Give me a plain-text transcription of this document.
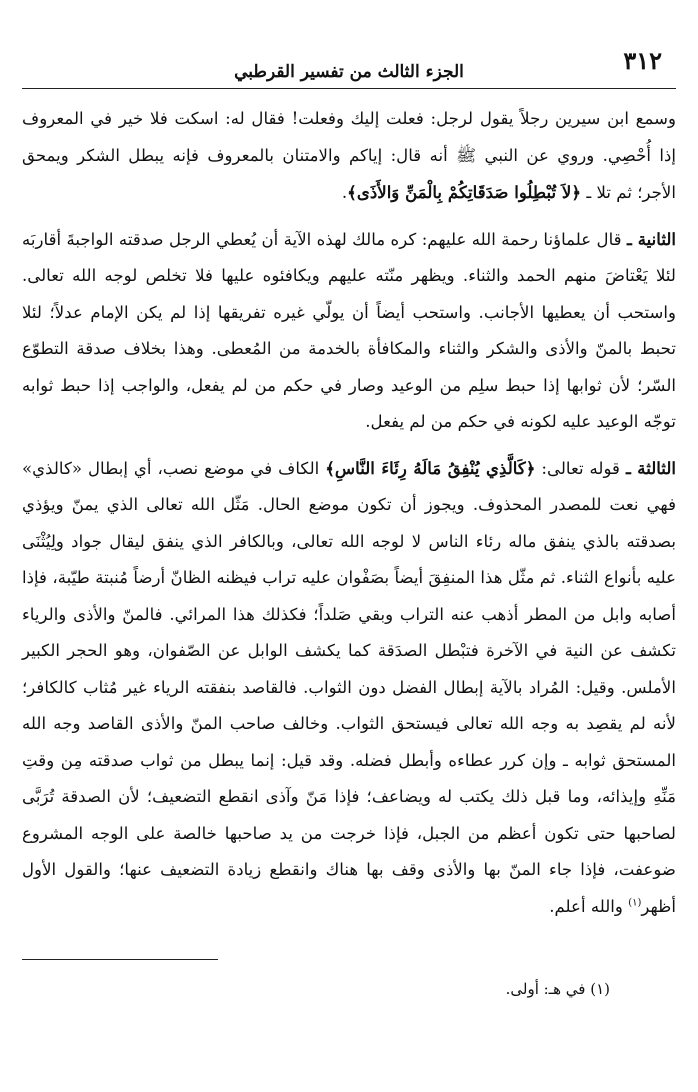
٣١٢
الجزء الثالث من تفسير القرطبي

وسمع ابن سيرين رجلاً يقول لرجل: فعلت إليك وفعلت! فقال له: اسكت فلا خير في المعروف إذا أُحْصِي. وروي عن النبي ﷺ أنه قال: إياكم والامتنان بالمعروف فإنه يبطل الشكر ويمحق الأجر؛ ثم تلا ـ ﴿لاَ تُبْطِلُوا صَدَقَاتِكُمْ بِالْمَنِّ وَالأَذَى﴾.

الثانية ـ قال علماؤنا رحمة الله عليهم: كره مالك لهذه الآية أن يُعطي الرجل صدقته الواجبةَ أقاربَه لئلا يَعْتاضَ منهم الحمد والثناء. ويظهر منّته عليهم ويكافئوه عليها فلا تخلص لوجه الله تعالى. واستحب أن يعطيها الأجانب. واستحب أيضاً أن يولّي غيره تفريقها إذا لم يكن الإمام عدلاً؛ لئلا تحبط بالمنّ والأذى والشكر والثناء والمكافأة بالخدمة من المُعطى. وهذا بخلاف صدقة التطوّع السّر؛ لأن ثوابها إذا حبط سلِم من الوعيد وصار في حكم من لم يفعل، والواجب إذا حبط ثوابه توجّه الوعيد عليه لكونه في حكم من لم يفعل.

الثالثة ـ قوله تعالى: ﴿كَالَّذِي يُنْفِقُ مَالَهُ رِئَاءَ النَّاسِ﴾ الكاف في موضع نصب، أي إبطال «كالذي» فهي نعت للمصدر المحذوف. ويجوز أن تكون موضع الحال. مَثّل الله تعالى الذي يمنّ ويؤذي بصدقته بالذي ينفق ماله رئاء الناس لا لوجه الله تعالى، وبالكافر الذي ينفق ليقال جواد ولِيُثْنَى عليه بأنواع الثناء. ثم مثّل هذا المنفِقَ أيضاً بصَفْوان عليه تراب فيظنه الظانّ أرضاً مُنبتة طيّبة، فإذا أصابه وابل من المطر أذهب عنه التراب وبقي صَلداً؛ فكذلك هذا المرائي. فالمنّ والأذى والرياء تكشف عن النية في الآخرة فتبْطل الصدَقة كما يكشف الوابل عن الصّفوان، وهو الحجر الكبير الأملس. وقيل: المُراد بالآية إبطال الفضل دون الثواب. فالقاصد بنفقته الرياء غير مُثاب كالكافر؛ لأنه لم يقصِد به وجه الله تعالى فيستحق الثواب. وخالف صاحب المنّ والأذى القاصد وجه الله المستحق ثوابه ـ وإن كرر عطاءه وأبطل فضله. وقد قيل: إنما يبطل من ثواب صدقته مِن وقتِ مَنِّهِ وإيذائه، وما قبل ذلك يكتب له ويضاعف؛ فإذا مَنّ وآذى انقطع التضعيف؛ لأن الصدقة تُرَبَّى لصاحبها حتى تكون أعظم من الجبل، فإذا خرجت من يد صاحبها خالصة على الوجه المشروع ضوعفت، فإذا جاء المنّ بها والأذى وقف بها هناك وانقطع زيادة التضعيف عنها؛ والقول الأول أظهر$^{(١)}$ والله أعلم.

(١) في هـ: أولى.
